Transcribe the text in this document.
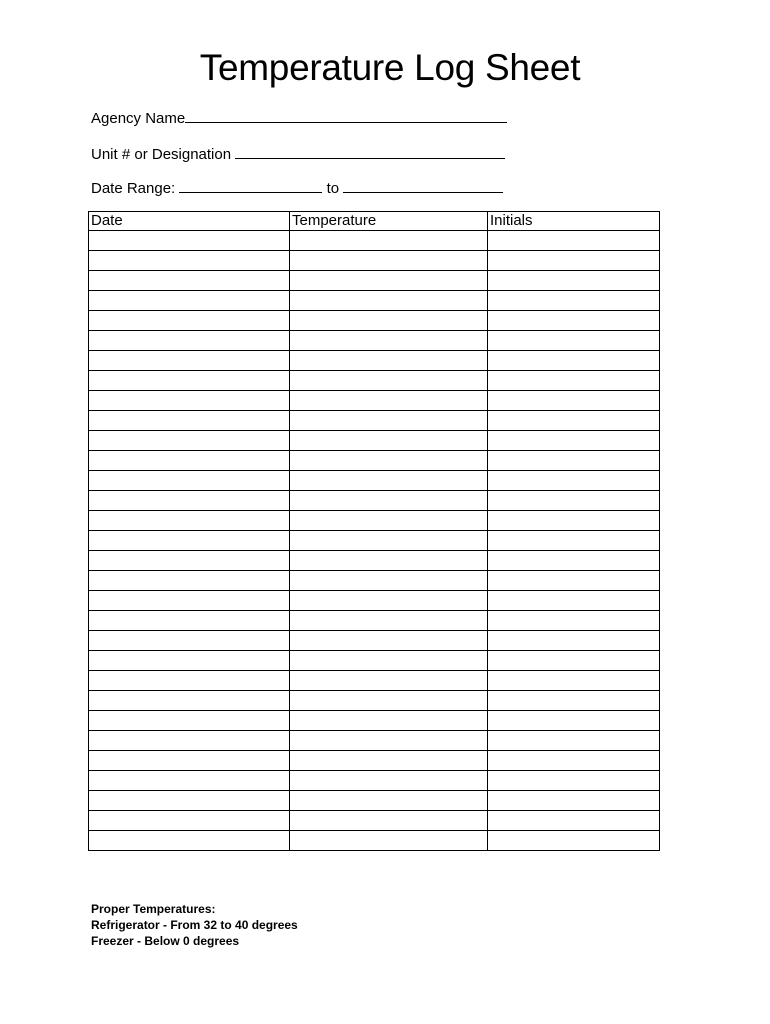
Temperature Log Sheet
Agency Name
Unit # or Designation
Date Range:	to
Date	Temperature	Initials

Proper Temperatures:
Refrigerator - From 32 to 40 degrees
Freezer - Below 0 degrees
